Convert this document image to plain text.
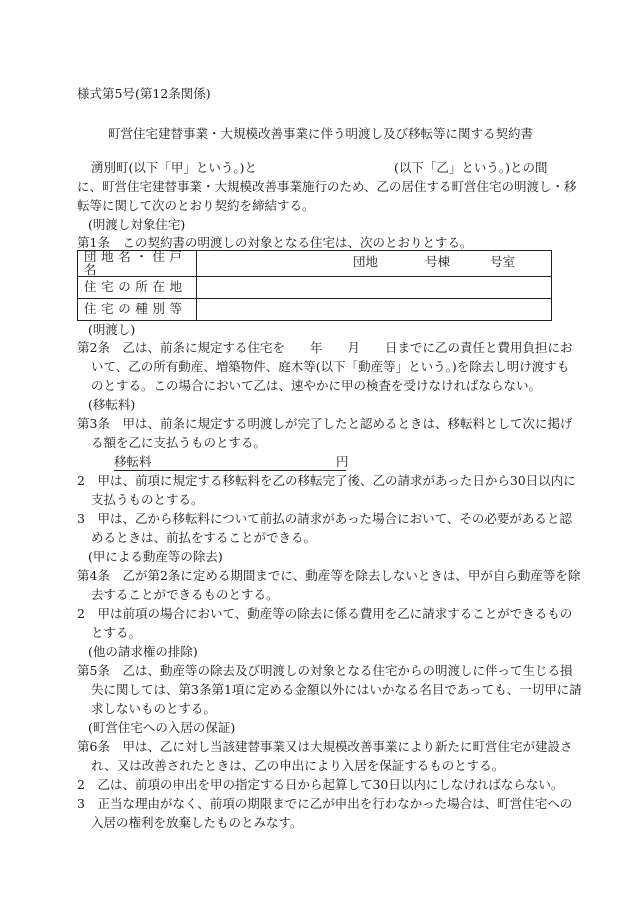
様式第5号(第12条関係)
町営住宅建替事業・大規模改善事業に伴う明渡し及び移転等に関する契約書
湧別町(以下「甲」という。)と	(以下「乙」という。)との間
に、町営住宅建替事業・大規模改善事業施行のため、乙の居住する町営住宅の明渡し・移
転等に関して次のとおり契約を締結する。
(明渡し対象住宅)
第1条　この契約書の明渡しの対象となる住宅は、次のとおりとする。
団地名・住戸名	団地 号棟 号室

住宅の所在地	
住宅の種別等	
(明渡し)
第2条　乙は、前条に規定する住宅を　　年　　月　　日までに乙の責任と費用負担にお
いて、乙の所有動産、増築物件、庭木等(以下「動産等」という。)を除去し明け渡すも
のとする。この場合において乙は、速やかに甲の検査を受けなければならない。
(移転料)
第3条　甲は、前条に規定する明渡しが完了したと認めるときは、移転料として次に掲げ
る額を乙に支払うものとする。
移転料	円
2　甲は、前項に規定する移転料を乙の移転完了後、乙の請求があった日から30日以内に
支払うものとする。
3　甲は、乙から移転料について前払の請求があった場合において、その必要があると認
めるときは、前払をすることができる。
(甲による動産等の除去)
第4条　乙が第2条に定める期間までに、動産等を除去しないときは、甲が自ら動産等を除
去することができるものとする。
2　甲は前項の場合において、動産等の除去に係る費用を乙に請求することができるもの
とする。
(他の請求権の排除)
第5条　乙は、動産等の除去及び明渡しの対象となる住宅からの明渡しに伴って生じる損
失に関しては、第3条第1項に定める金額以外にはいかなる名目であっても、一切甲に請
求しないものとする。
(町営住宅への入居の保証)
第6条　甲は、乙に対し当該建替事業又は大規模改善事業により新たに町営住宅が建設さ
れ、又は改善されたときは、乙の申出により入居を保証するものとする。
2　乙は、前項の申出を甲の指定する日から起算して30日以内にしなければならない。
3　正当な理由がなく、前項の期限までに乙が申出を行わなかった場合は、町営住宅への
入居の権利を放棄したものとみなす。
